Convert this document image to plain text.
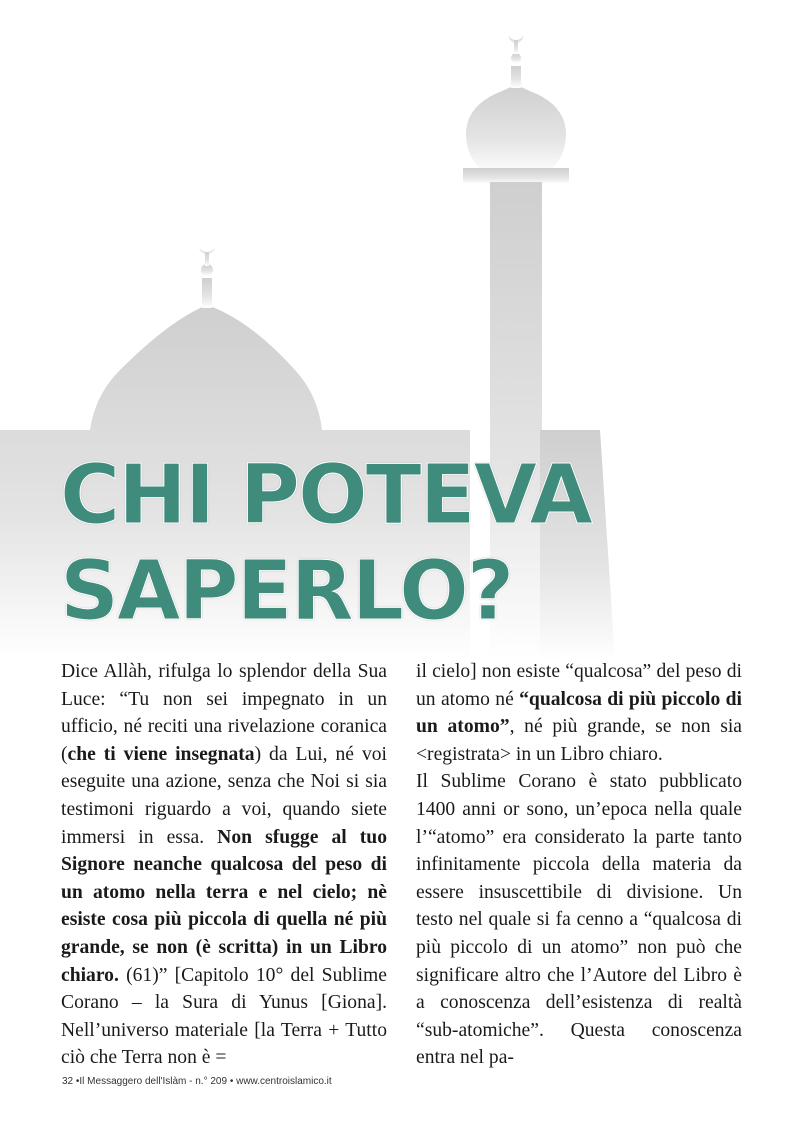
CHI POTEVA
SAPERLO?

Dice Allàh, rifulga lo splendor della Sua Luce: “Tu non sei impegnato in un ufficio, né reciti una rivelazione coranica (che ti viene insegnata) da Lui, né voi eseguite una azione, senza che Noi si sia testimoni riguardo a voi, quando siete immersi in essa. Non sfugge al tuo Signore neanche qualcosa del peso di un atomo nella terra e nel cielo; nè esiste cosa più piccola di quella né più grande, se non (è scritta) in un Libro chiaro. (61)” [Capitolo 10° del Sublime Corano – la Sura di Yunus [Giona]. Nell’universo materiale [la Terra + Tutto ciò che Terra non è =

il cielo] non esiste “qualcosa” del peso di un atomo né “qualcosa di più piccolo di un atomo”, né più grande, se non sia <registrata> in un Libro chiaro.

Il Sublime Corano è stato pubblicato 1400 anni or sono, un’epoca nella quale l’“atomo” era considerato la parte tanto infinitamente piccola della materia da essere insuscettibile di divisione. Un testo nel quale si fa cenno a “qualcosa di più piccolo di un atomo” non può che significare altro che l’Autore del Libro è a conoscenza dell’esistenza di realtà “sub-atomiche”. Questa conoscenza entra nel pa-

32 •Il Messaggero dell'Islàm - n.° 209 • www.centroislamico.it
